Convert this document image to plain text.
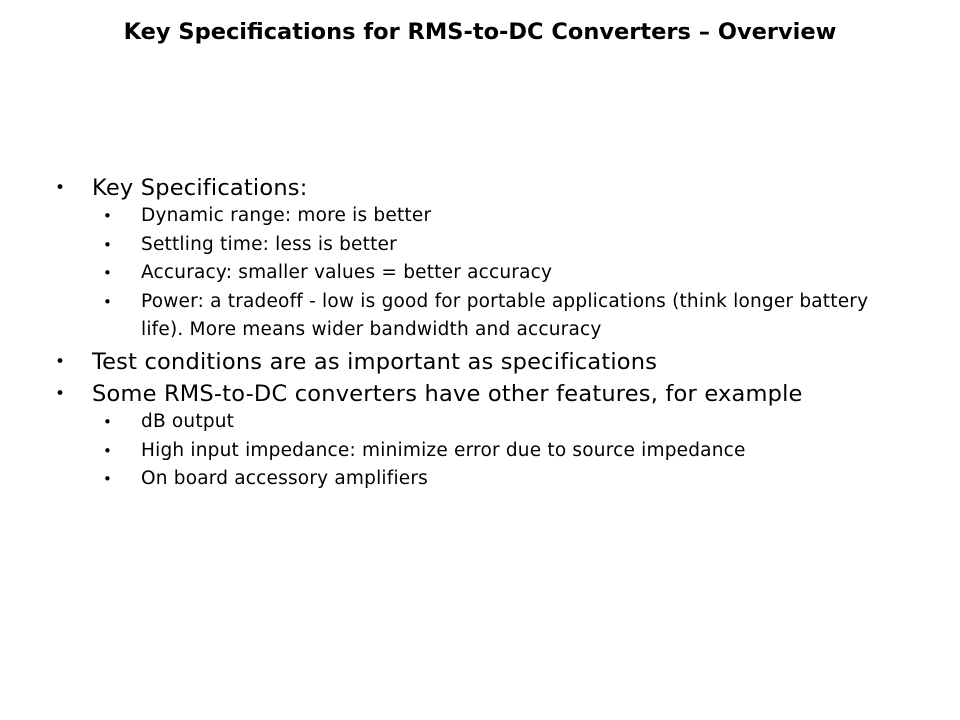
Key Specifications for RMS-to-DC Converters – Overview
• Key Specifications:
• Dynamic range: more is better
• Settling time: less is better
• Accuracy: smaller values = better accuracy
• Power: a tradeoff - low is good for portable applications (think longer battery life). More means wider bandwidth and accuracy
• Test conditions are as important as specifications
• Some RMS-to-DC converters have other features, for example
• dB output
• High input impedance: minimize error due to source impedance
• On board accessory amplifiers
